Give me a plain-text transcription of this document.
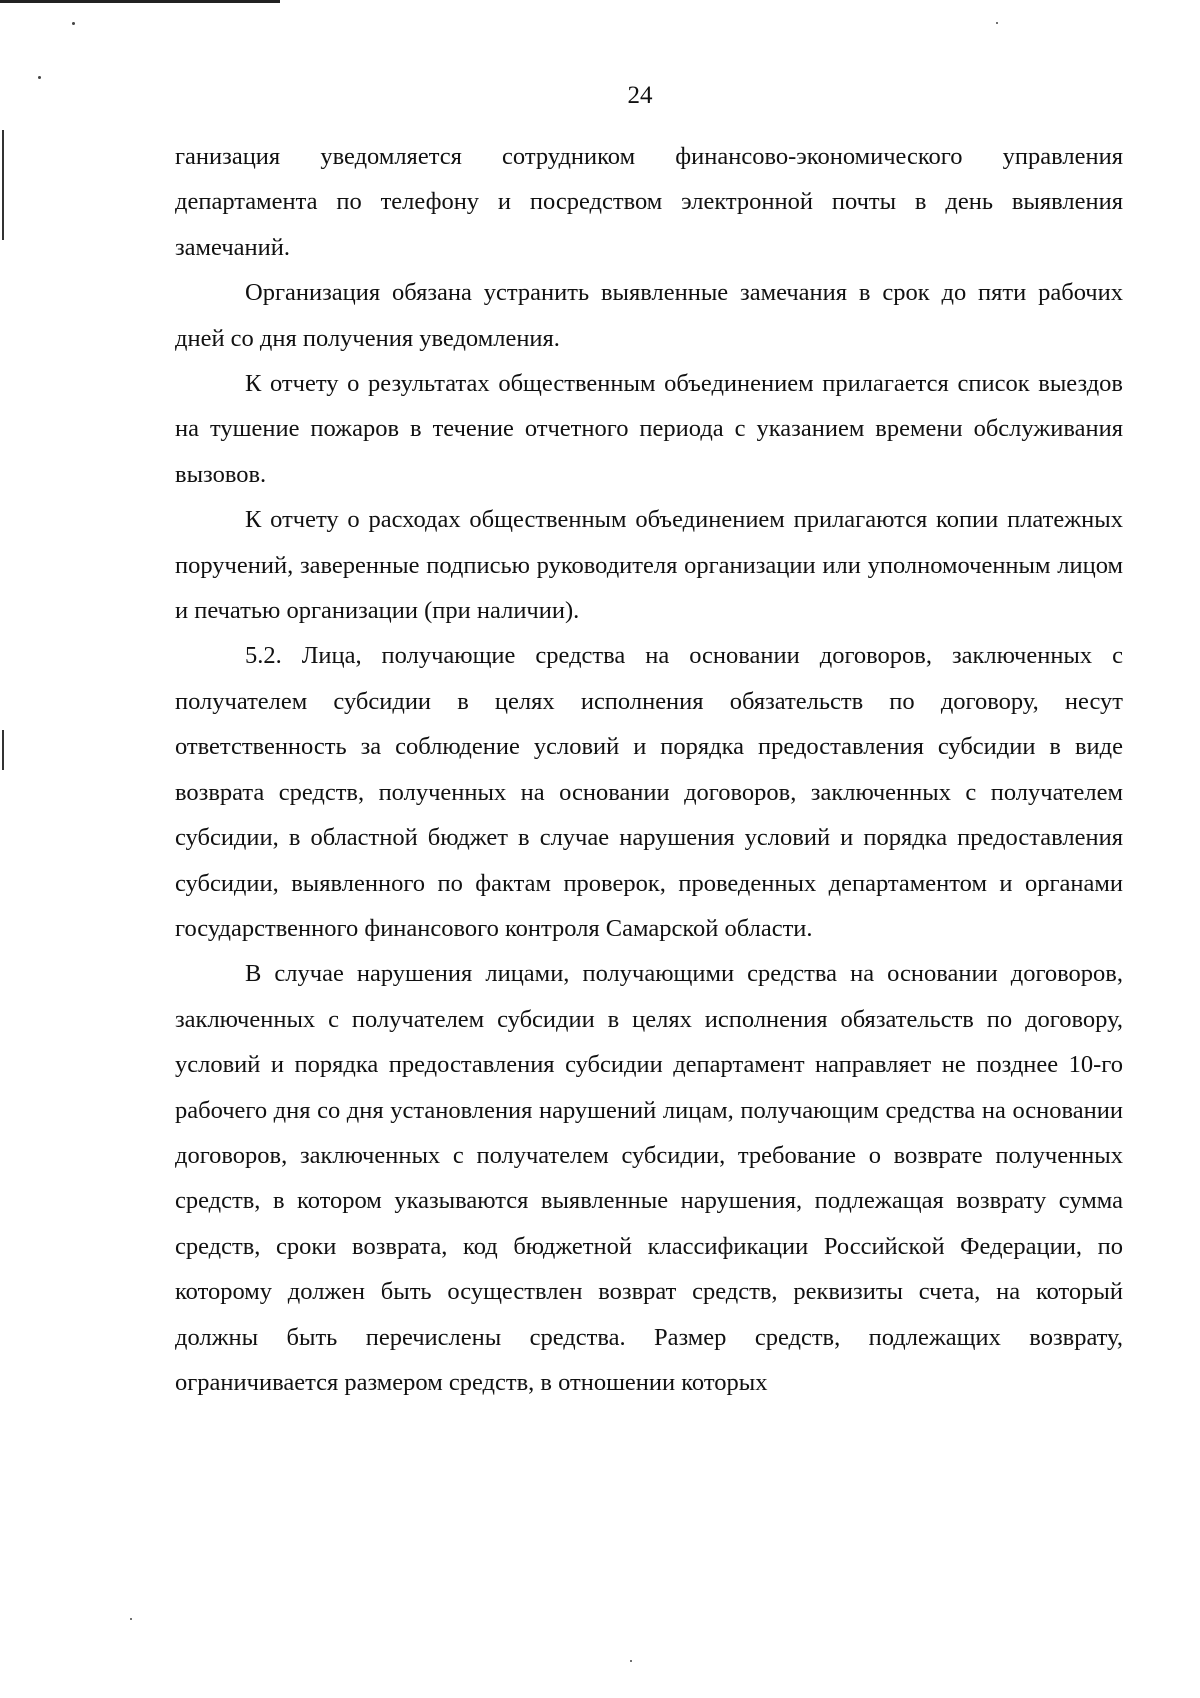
24

ганизация уведомляется сотрудником финансово-экономического управления департамента по телефону и посредством электронной почты в день выявления замечаний.

Организация обязана устранить выявленные замечания в срок до пяти рабочих дней со дня получения уведомления.

К отчету о результатах общественным объединением прилагается список выездов на тушение пожаров в течение отчетного периода с указанием времени обслуживания вызовов.

К отчету о расходах общественным объединением прилагаются копии платежных поручений, заверенные подписью руководителя организации или уполномоченным лицом и печатью организации (при наличии).

5.2. Лица, получающие средства на основании договоров, заключенных с получателем субсидии в целях исполнения обязательств по договору, несут ответственность за соблюдение условий и порядка предоставления субсидии в виде возврата средств, полученных на основании договоров, заключенных с получателем субсидии, в областной бюджет в случае нарушения условий и порядка предоставления субсидии, выявленного по фактам проверок, проведенных департаментом и органами государственного финансового контроля Самарской области.

В случае нарушения лицами, получающими средства на основании договоров, заключенных с получателем субсидии в целях исполнения обязательств по договору, условий и порядка предоставления субсидии департамент направляет не позднее 10-го рабочего дня со дня установления нарушений лицам, получающим средства на основании договоров, заключенных с получателем субсидии, требование о возврате полученных средств, в котором указываются выявленные нарушения, подлежащая возврату сумма средств, сроки возврата, код бюджетной классификации Российской Федерации, по которому должен быть осуществлен возврат средств, реквизиты счета, на который должны быть перечислены средства. Размер средств, подлежащих возврату, ограничивается размером средств, в отношении которых
